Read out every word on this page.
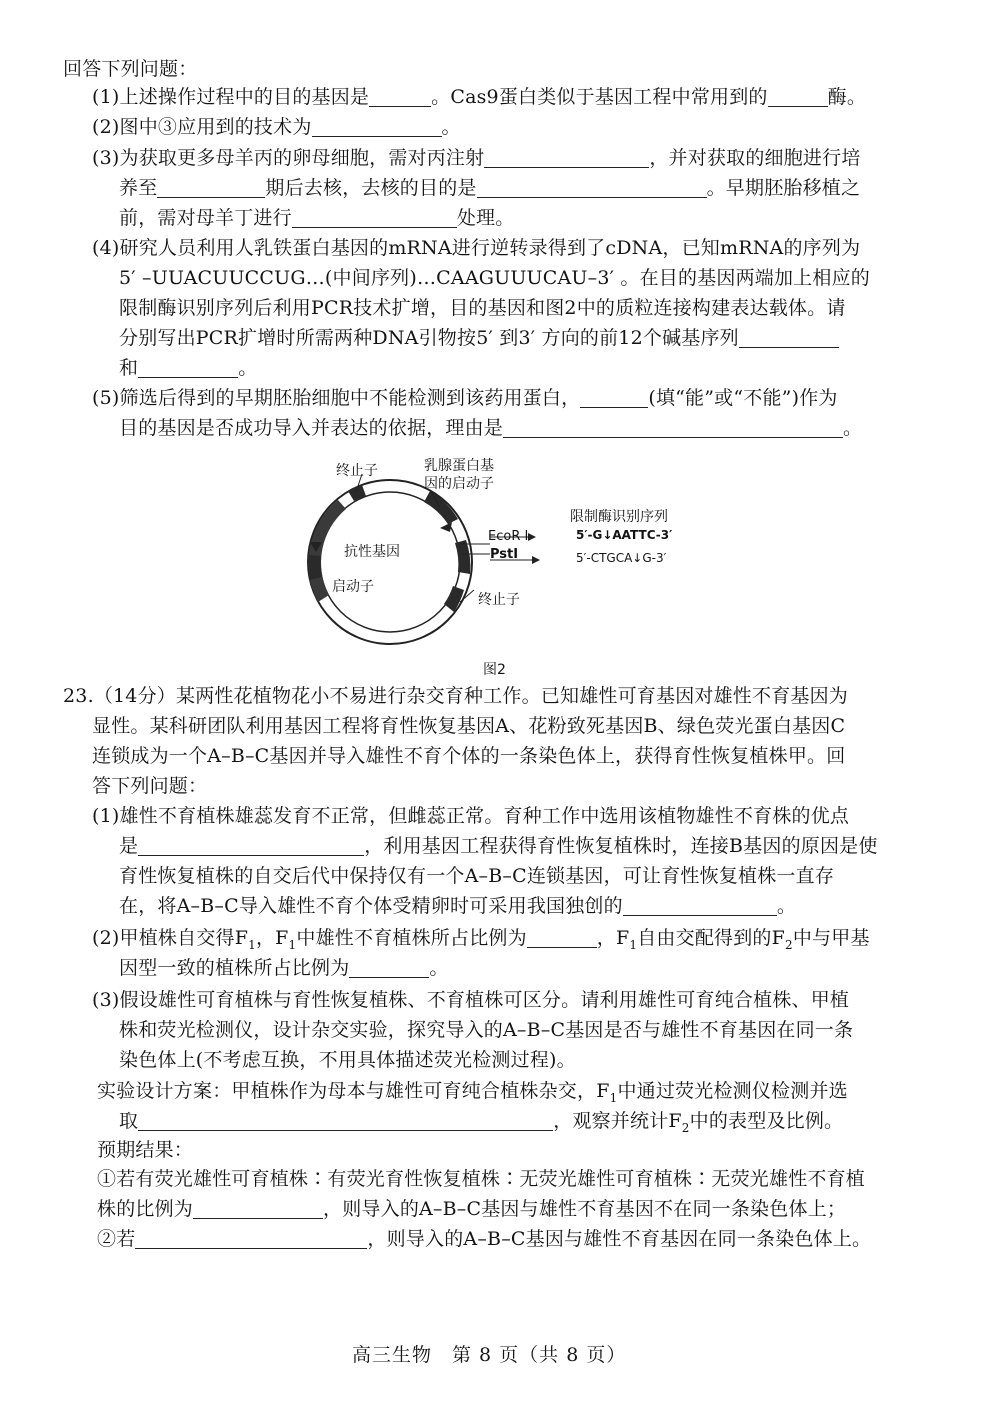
回答下列问题：
(1)上述操作过程中的目的基因是	。Cas9蛋白类似于基因工程中常用到的	酶。
(2)图中③应用到的技术为	。
(3)为获取更多母羊丙的卵母细胞，需对丙注射	，并对获取的细胞进行培
养至	期后去核，去核的目的是	。早期胚胎移植之
前，需对母羊丁进行	处理。
(4)研究人员利用人乳铁蛋白基因的mRNA进行逆转录得到了cDNA，已知mRNA的序列为
5′ –UUACUUCCUG…(中间序列)…CAAGUUUCAU–3′ 。在目的基因两端加上相应的
限制酶识别序列后利用PCR技术扩增，目的基因和图2中的质粒连接构建表达载体。请
分别写出PCR扩增时所需两种DNA引物按5′ 到3′ 方向的前12个碱基序列
和	。
(5)筛选后得到的早期胚胎细胞中不能检测到该药用蛋白，	(填“能”或“不能”)作为
目的基因是否成功导入并表达的依据，理由是	。
终止子	乳腺蛋白基
因的启动子
限制酶识别序列
EcoR I
PstI
5′-G↓AATTC-3′
5′-CTGCA↓G-3′
抗性基因
启动子
终止子
图2
23.（14分）某两性花植物花小不易进行杂交育种工作。已知雄性可育基因对雄性不育基因为
显性。某科研团队利用基因工程将育性恢复基因A、花粉致死基因B、绿色荧光蛋白基因C
连锁成为一个A–B–C基因并导入雄性不育个体的一条染色体上，获得育性恢复植株甲。回
答下列问题：
(1)雄性不育植株雄蕊发育不正常，但雌蕊正常。育种工作中选用该植物雄性不育株的优点
是	，利用基因工程获得育性恢复植株时，连接B基因的原因是使
育性恢复植株的自交后代中保持仅有一个A–B–C连锁基因，可让育性恢复植株一直存
在，将A–B–C导入雄性不育个体受精卵时可采用我国独创的	。
(2)甲植株自交得$F_1$，$F_1$中雄性不育植株所占比例为	，$F_1$自由交配得到的$F_2$中与甲基
因型一致的植株所占比例为	。
(3)假设雄性可育植株与育性恢复植株、不育植株可区分。请利用雄性可育纯合植株、甲植
株和荧光检测仪，设计杂交实验，探究导入的A–B–C基因是否与雄性不育基因在同一条
染色体上(不考虑互换，不用具体描述荧光检测过程)。
实验设计方案：甲植株作为母本与雄性可育纯合植株杂交，$F_1$中通过荧光检测仪检测并选
取	，观察并统计$F_2$中的表型及比例。
预期结果：
①若有荧光雄性可育植株∶有荧光育性恢复植株∶无荧光雄性可育植株∶无荧光雄性不育植
株的比例为	，则导入的A–B–C基因与雄性不育基因不在同一条染色体上；
②若	，则导入的A–B–C基因与雄性不育基因在同一条染色体上。
高三生物　第 8 页（共 8 页）
